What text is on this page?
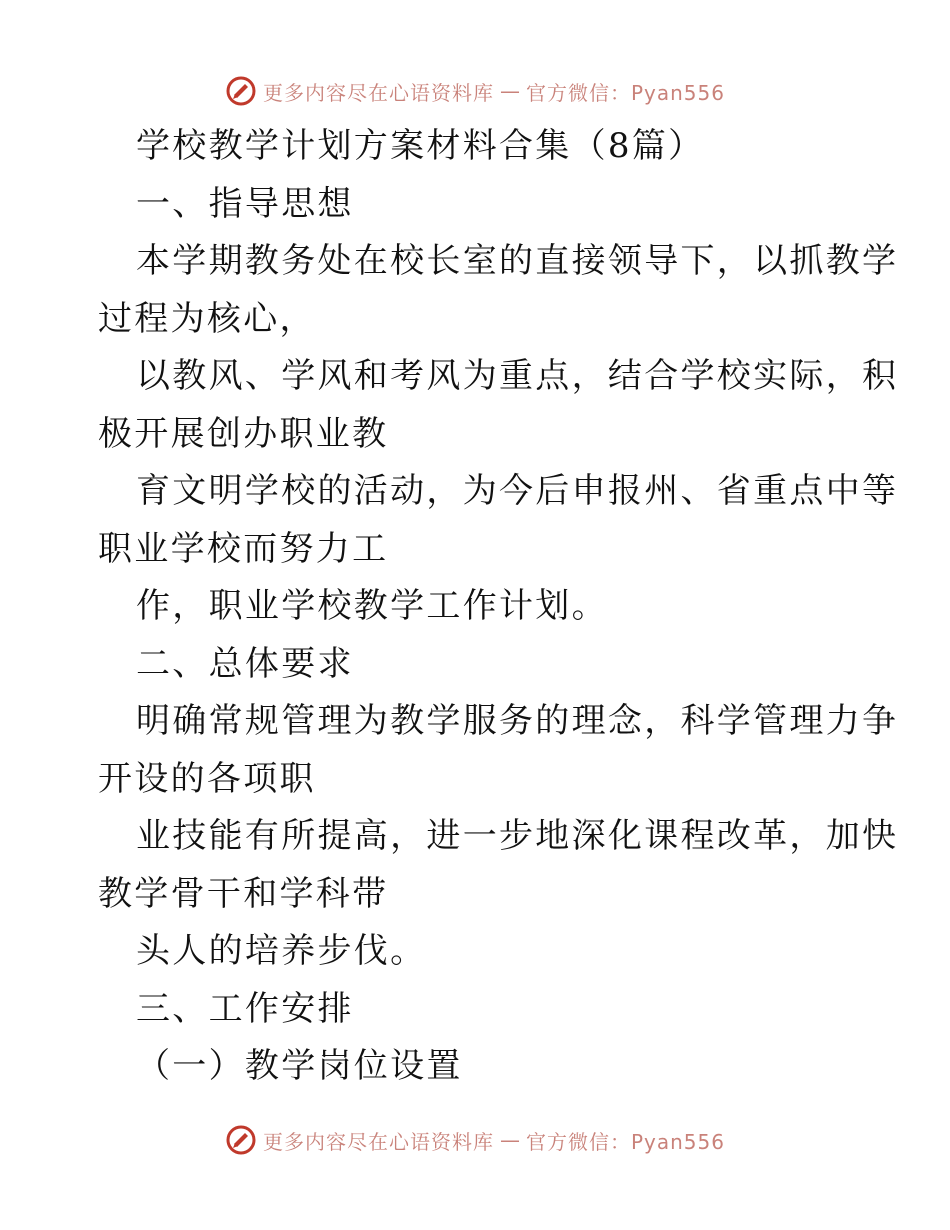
更多内容尽在心语资料库 — 官方微信：Pyan556
学校教学计划方案材料合集（8篇）
一、指导思想
本学期教务处在校长室的直接领导下，以抓教学
过程为核心，
以教风、学风和考风为重点，结合学校实际，积
极开展创办职业教
育文明学校的活动，为今后申报州、省重点中等
职业学校而努力工
作，职业学校教学工作计划。
二、总体要求
明确常规管理为教学服务的理念，科学管理力争
开设的各项职
业技能有所提高，进一步地深化课程改革，加快
教学骨干和学科带
头人的培养步伐。
三、工作安排
（一）教学岗位设置
更多内容尽在心语资料库 — 官方微信：Pyan556
